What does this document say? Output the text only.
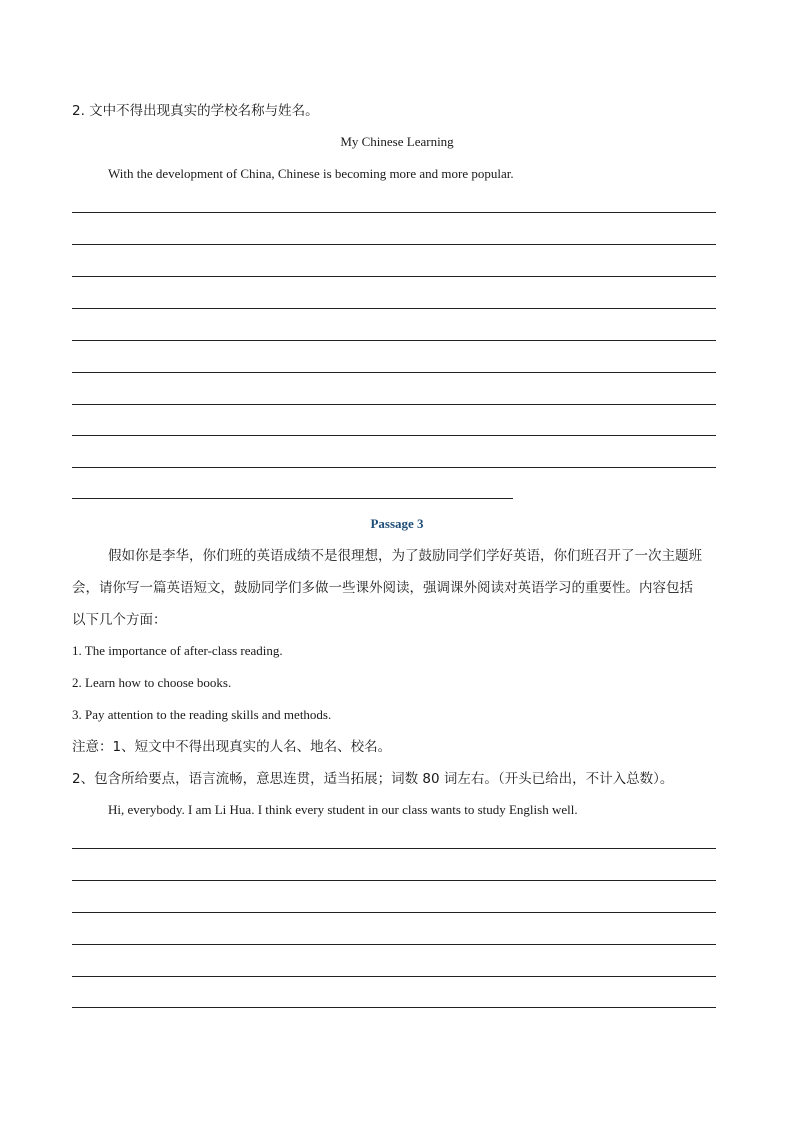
2. 文中不得出现真实的学校名称与姓名。
My Chinese Learning
With the development of China, Chinese is becoming more and more popular.
Passage 3
假如你是李华，你们班的英语成绩不是很理想，为了鼓励同学们学好英语，你们班召开了一次主题班
会，请你写一篇英语短文，鼓励同学们多做一些课外阅读，强调课外阅读对英语学习的重要性。内容包括
以下几个方面：
1. The importance of after-class reading.
2. Learn how to choose books.
3. Pay attention to the reading skills and methods.
注意：1、短文中不得出现真实的人名、地名、校名。
2、包含所给要点，语言流畅，意思连贯，适当拓展；词数 80 词左右。（开头已给出，不计入总数）。
Hi, everybody. I am Li Hua. I think every student in our class wants to study English well.
